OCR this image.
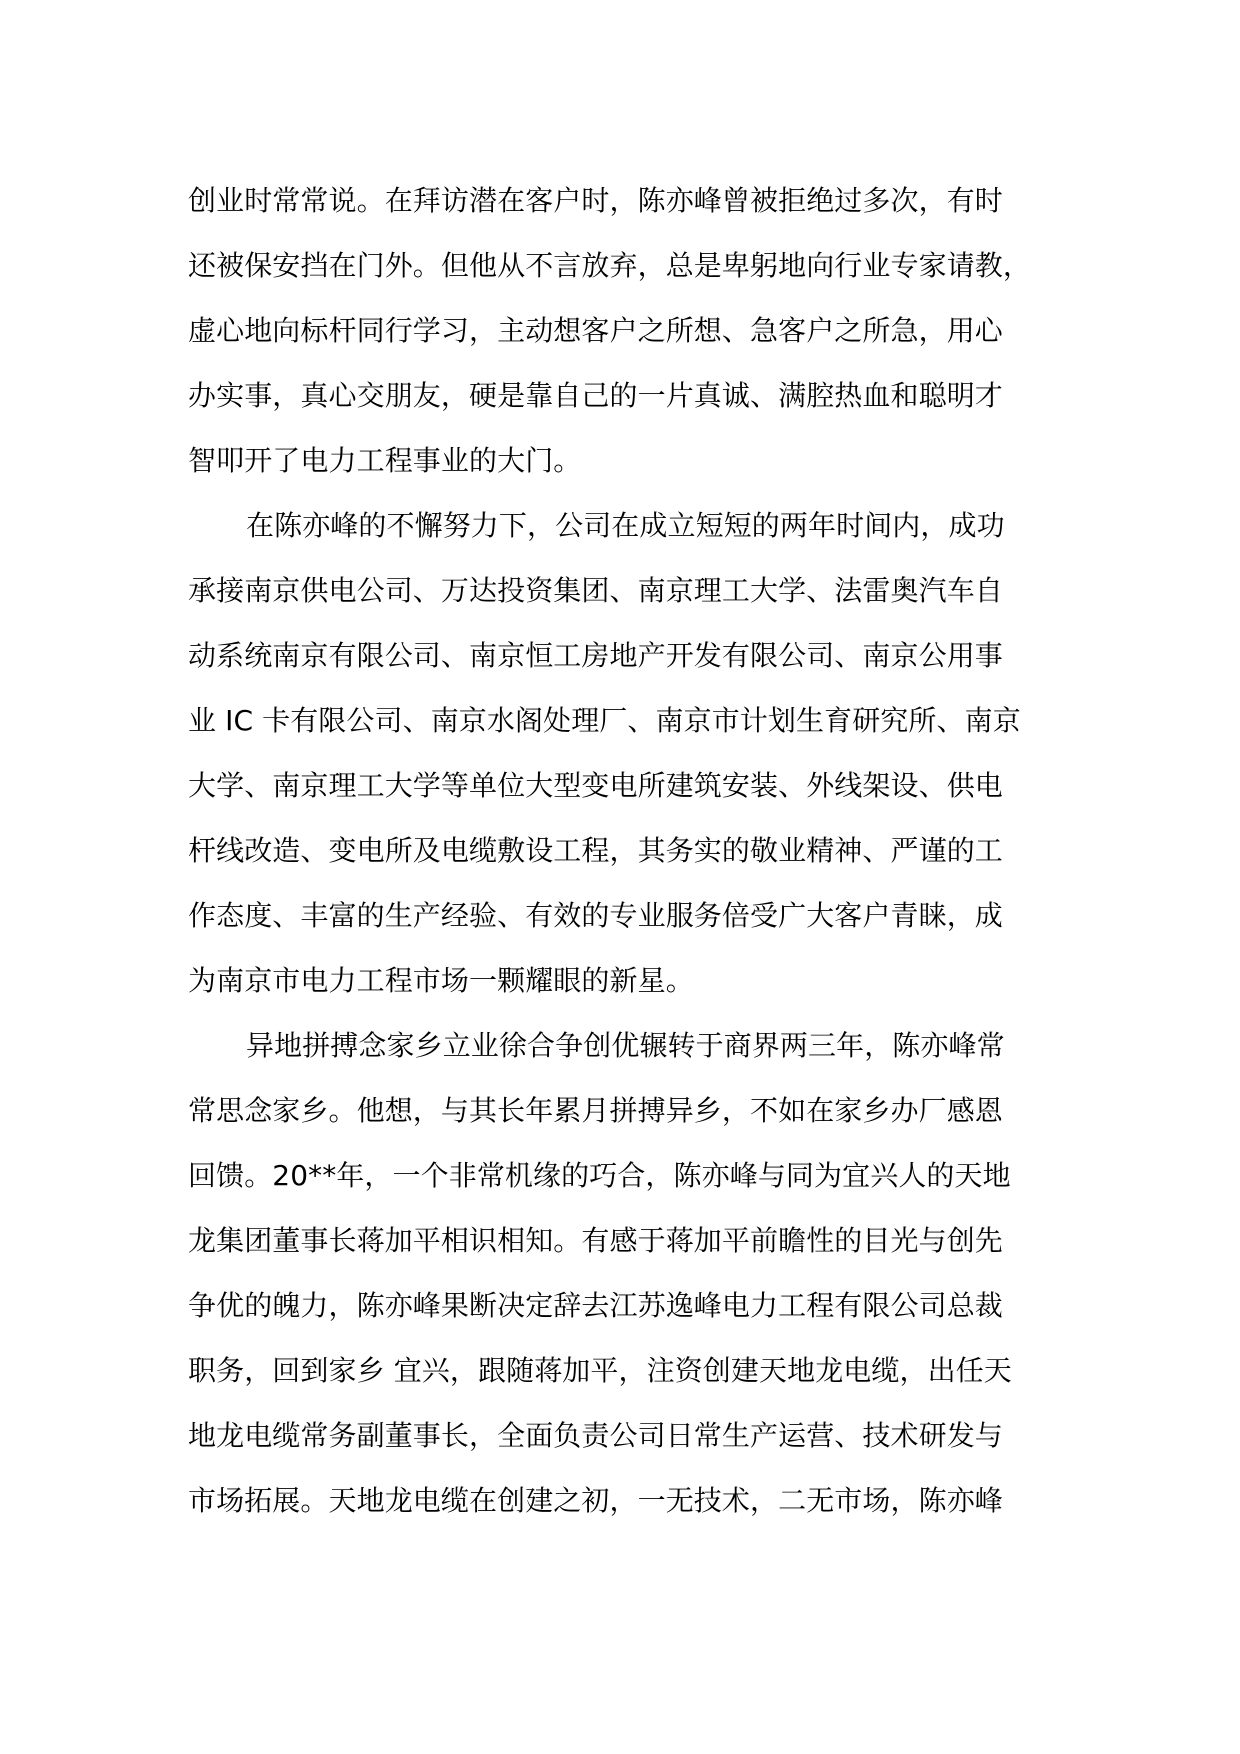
创业时常常说。在拜访潜在客户时，陈亦峰曾被拒绝过多次，有时
还被保安挡在门外。但他从不言放弃，总是卑躬地向行业专家请教，
虚心地向标杆同行学习，主动想客户之所想、急客户之所急，用心
办实事，真心交朋友，硬是靠自己的一片真诚、满腔热血和聪明才
智叩开了电力工程事业的大门。
在陈亦峰的不懈努力下，公司在成立短短的两年时间内，成功
承接南京供电公司、万达投资集团、南京理工大学、法雷奥汽车自
动系统南京有限公司、南京恒工房地产开发有限公司、南京公用事
业 IC 卡有限公司、南京水阁处理厂、南京市计划生育研究所、南京
大学、南京理工大学等单位大型变电所建筑安装、外线架设、供电
杆线改造、变电所及电缆敷设工程，其务实的敬业精神、严谨的工
作态度、丰富的生产经验、有效的专业服务倍受广大客户青睐，成
为南京市电力工程市场一颗耀眼的新星。
异地拼搏念家乡立业徐合争创优辗转于商界两三年，陈亦峰常
常思念家乡。他想，与其长年累月拼搏异乡，不如在家乡办厂感恩
回馈。20**年，一个非常机缘的巧合，陈亦峰与同为宜兴人的天地
龙集团董事长蒋加平相识相知。有感于蒋加平前瞻性的目光与创先
争优的魄力，陈亦峰果断决定辞去江苏逸峰电力工程有限公司总裁
职务，回到家乡 宜兴，跟随蒋加平，注资创建天地龙电缆，出任天
地龙电缆常务副董事长，全面负责公司日常生产运营、技术研发与
市场拓展。天地龙电缆在创建之初，一无技术，二无市场，陈亦峰
